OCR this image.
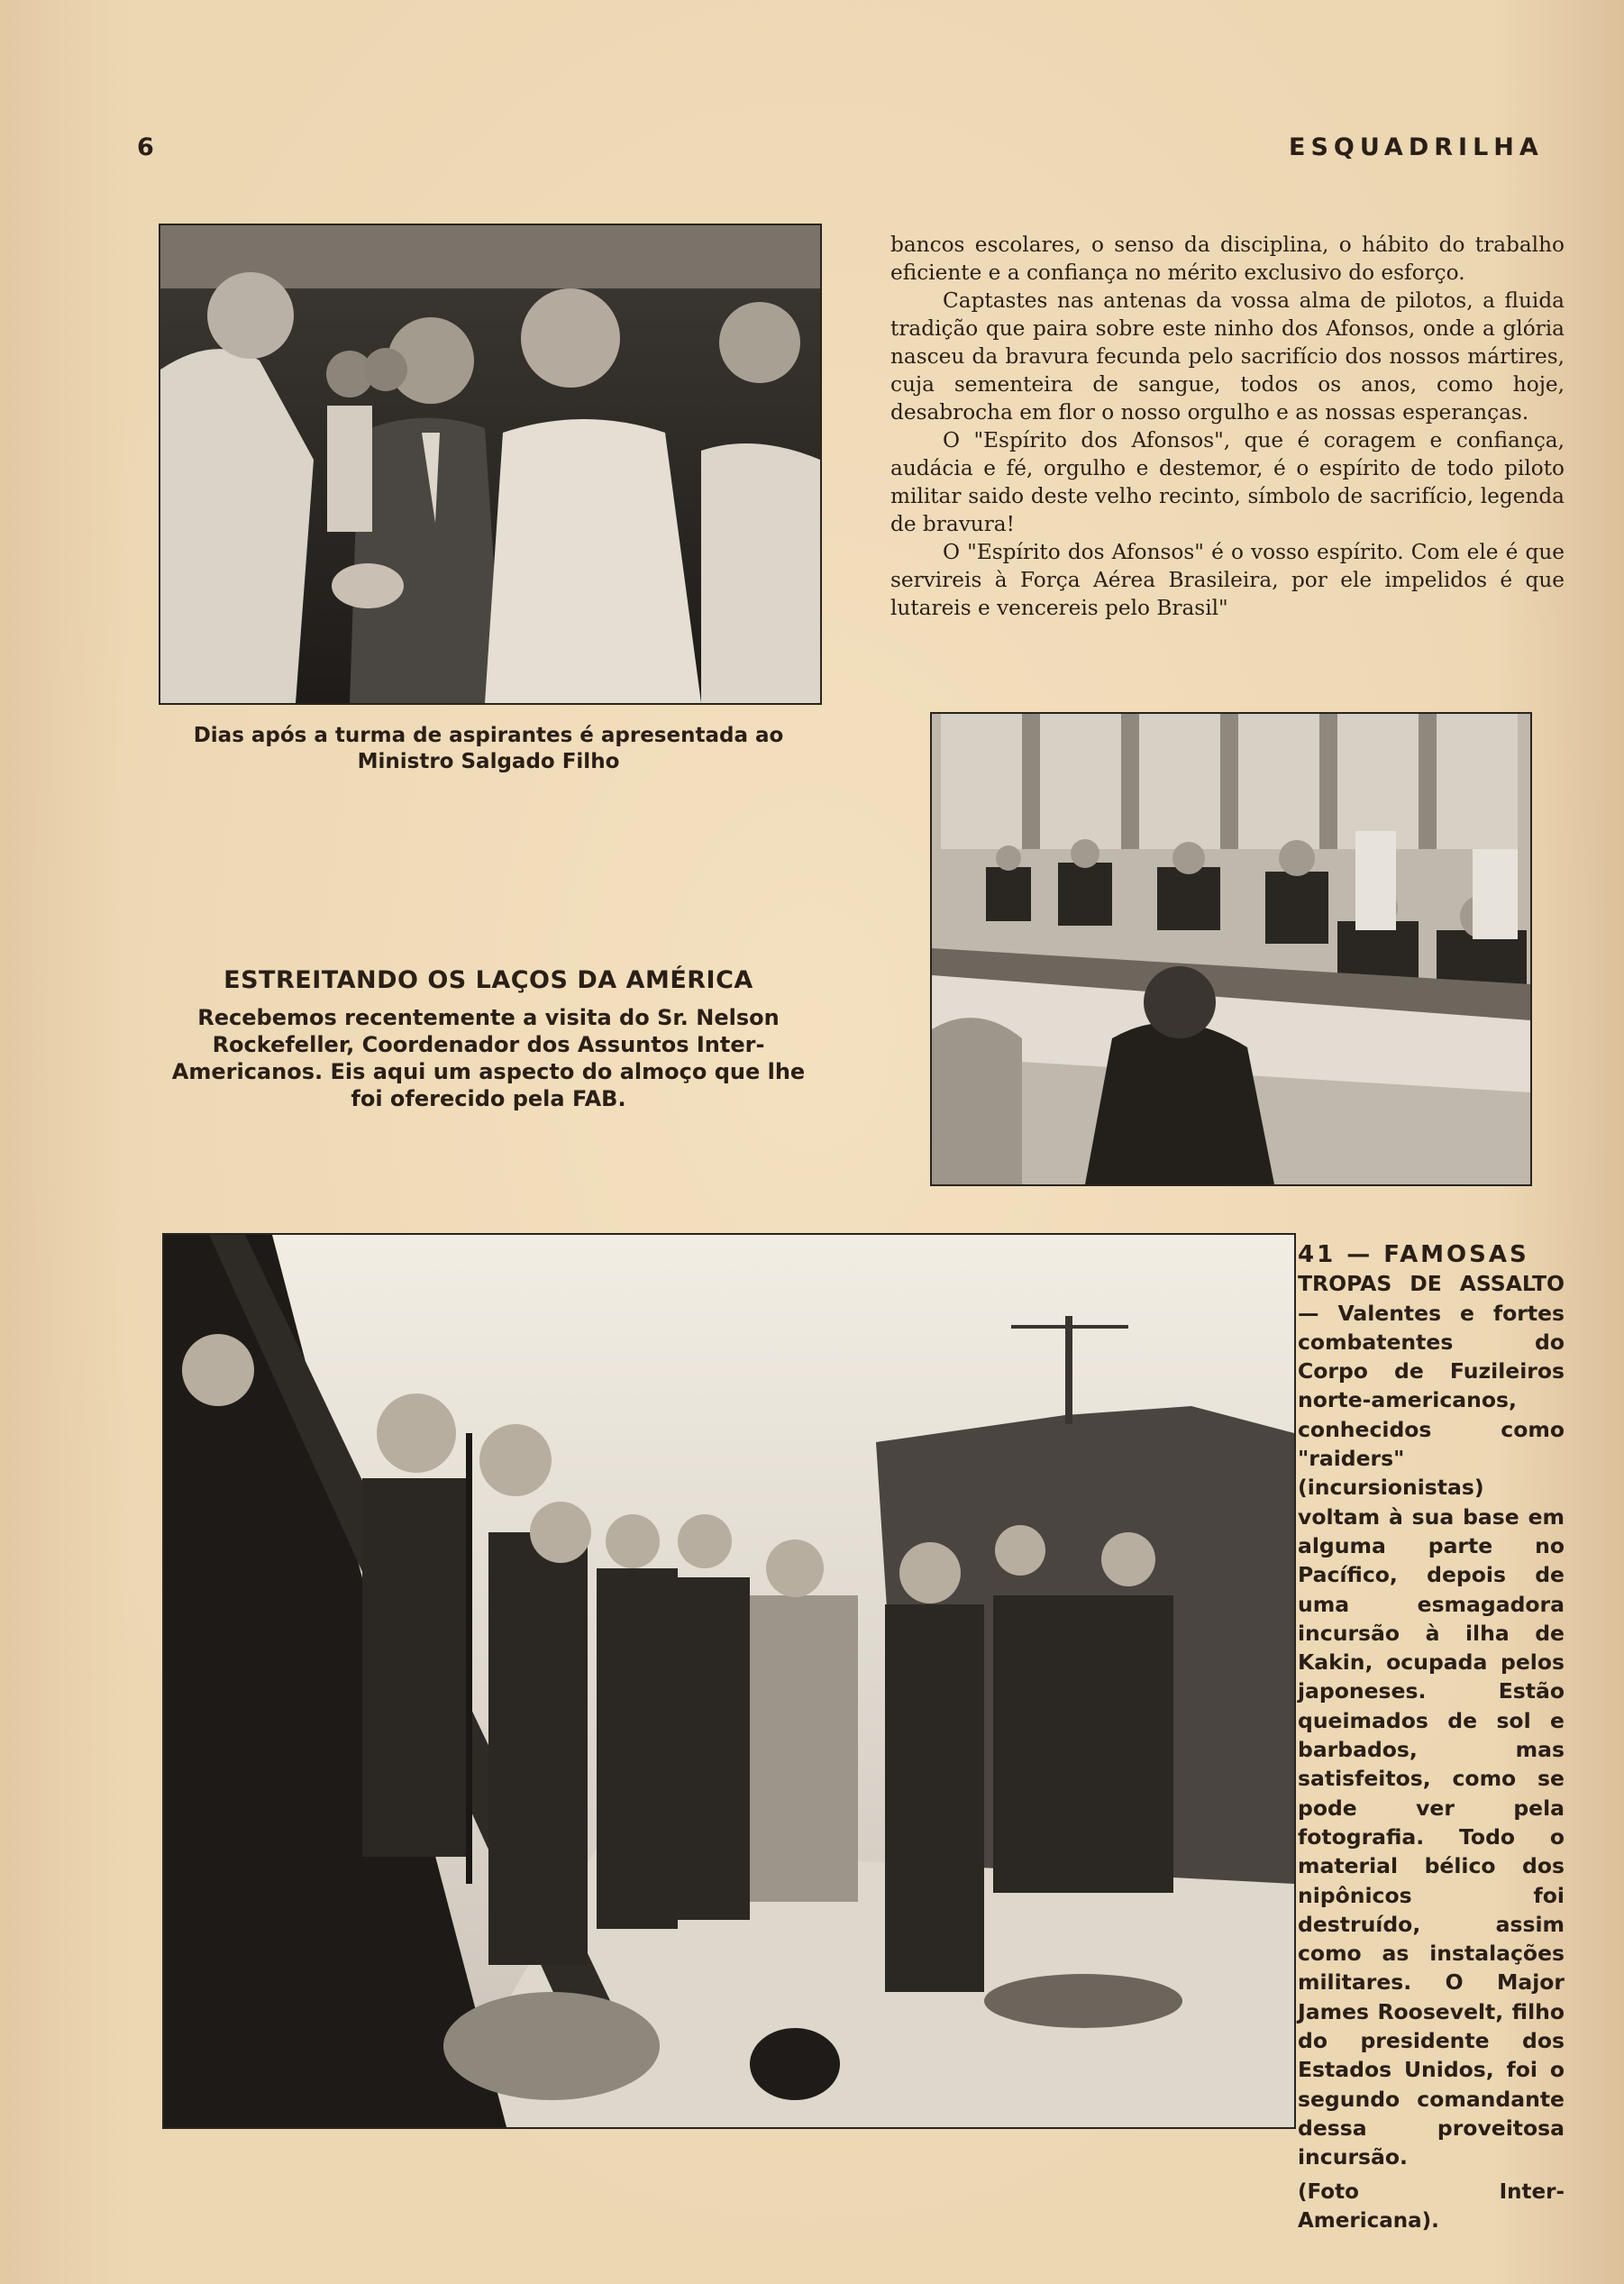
6	ESQUADRILHA
Dias após a turma de aspirantes é apresentada ao Ministro Salgado Filho

bancos escolares, o senso da disciplina, o hábito do trabalho eficiente e a confiança no mérito exclusivo do esforço.

Captastes nas antenas da vossa alma de pilotos, a fluida tradição que paira sobre este ninho dos Afonsos, onde a glória nasceu da bravura fecunda pelo sacrifício dos nossos mártires, cuja sementeira de sangue, todos os anos, como hoje, desabrocha em flor o nosso orgulho e as nossas esperanças.

O "Espírito dos Afonsos", que é coragem e confiança, audácia e fé, orgulho e destemor, é o espírito de todo piloto militar saido deste velho recinto, símbolo de sacrifício, legenda de bravura!

O "Espírito dos Afonsos" é o vosso espírito. Com ele é que servireis à Força Aérea Brasileira, por ele impelidos é que lutareis e vencereis pelo Brasil"

ESTREITANDO OS LAÇOS DA AMÉRICA
Recebemos recentemente a visita do Sr. Nelson Rockefeller, Coordenador dos Assuntos Inter-Americanos. Eis aqui um aspecto do almoço que lhe foi oferecido pela FAB.
41 — FAMOSAS
TROPAS DE ASSALTO — Valentes e fortes combatentes do Corpo de Fuzileiros norte-americanos, conhecidos como "raiders" (incursionistas) voltam à sua base em alguma parte no Pacífico, depois de uma esmagadora incursão à ilha de Kakin, ocupada pelos japoneses. Estão queimados de sol e barbados, mas satisfeitos, como se pode ver pela fotografia. Todo o material bélico dos nipônicos foi destruído, assim como as instalações militares. O Major James Roosevelt, filho do presidente dos Estados Unidos, foi o segundo comandante dessa proveitosa incursão.
(Foto Inter-Americana).
